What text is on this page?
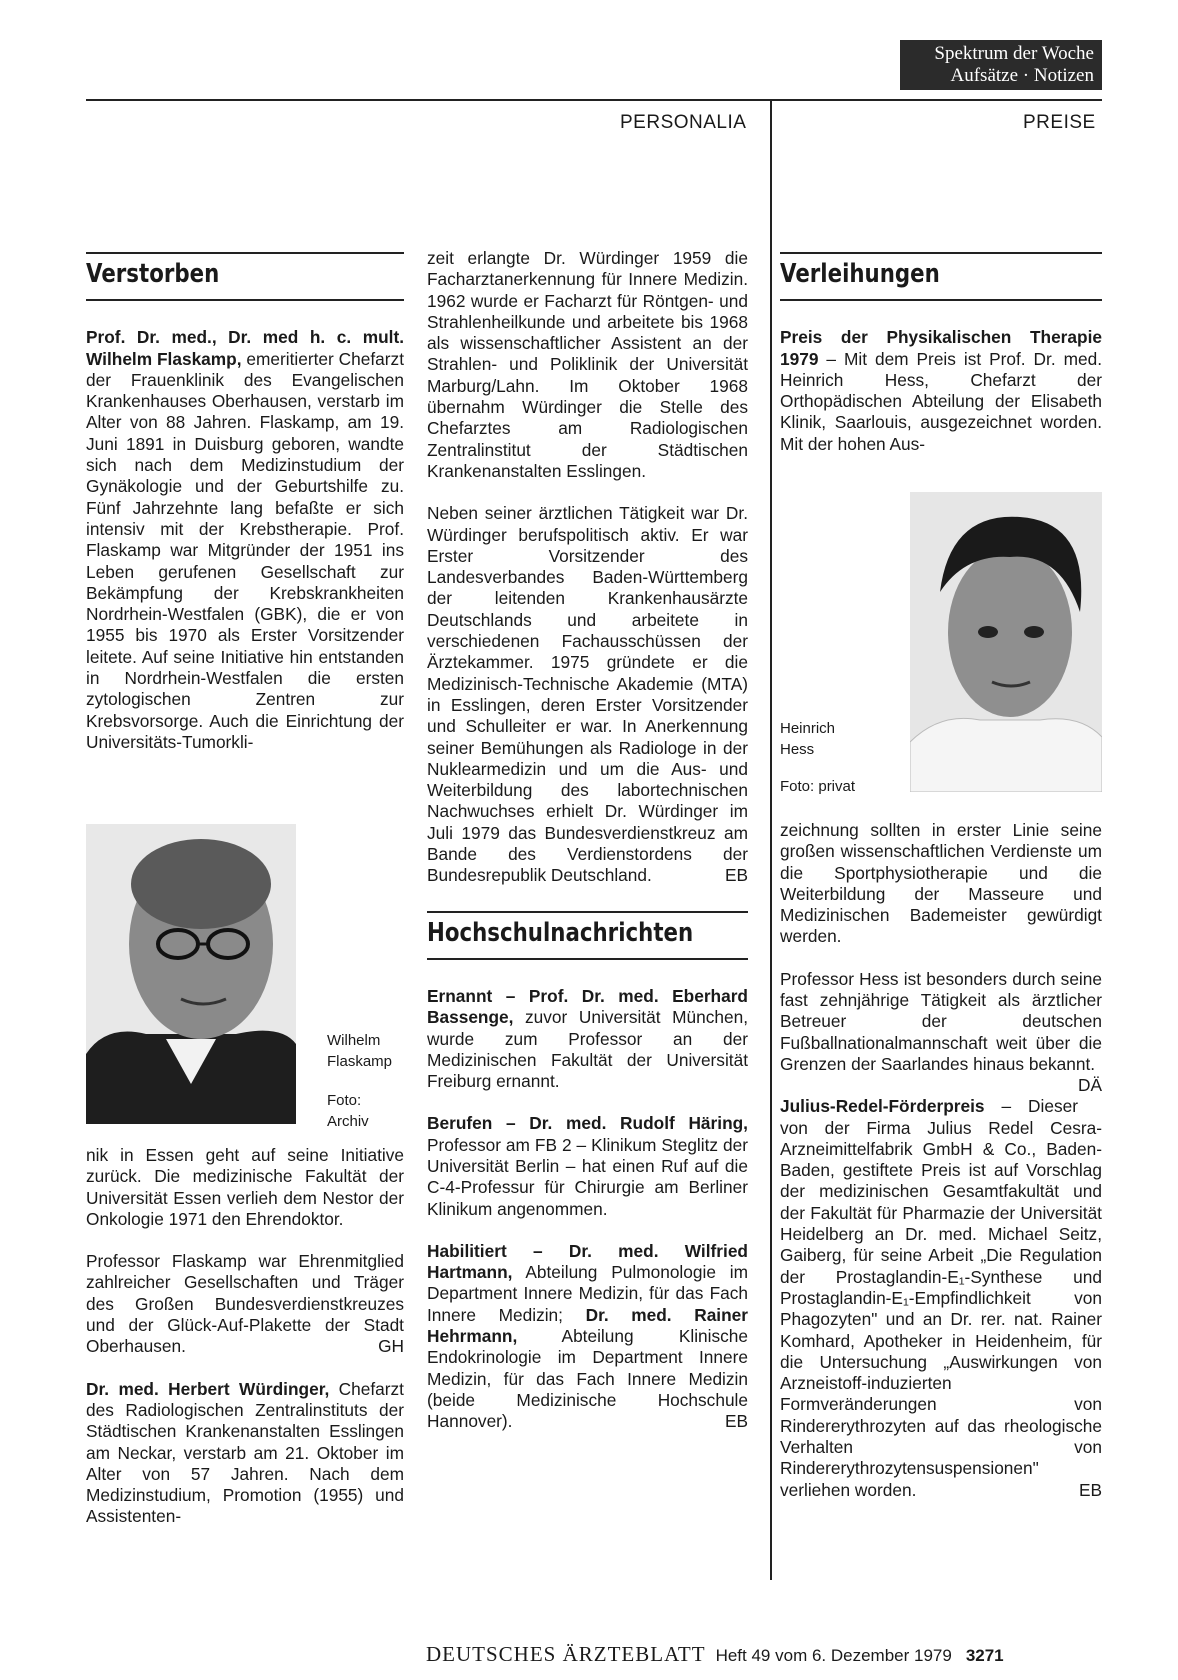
Spektrum der Woche
Aufsätze · Notizen
PERSONALIA	PREISE
Verstorben

Prof. Dr. med., Dr. med h. c. mult. Wilhelm Flaskamp, emeritierter Chefarzt der Frauenklinik des Evangelischen Krankenhauses Oberhausen, verstarb im Alter von 88 Jahren. Flaskamp, am 19. Juni 1891 in Duisburg geboren, wandte sich nach dem Medizinstudium der Gynäkologie und der Geburtshilfe zu. Fünf Jahrzehnte lang befaßte er sich intensiv mit der Krebstherapie. Prof. Flaskamp war Mitgründer der 1951 ins Leben gerufenen Gesellschaft zur Bekämpfung der Krebskrankheiten Nordrhein-Westfalen (GBK), die er von 1955 bis 1970 als Erster Vorsitzender leitete. Auf seine Initiative hin entstanden in Nordrhein-Westfalen die ersten zytologischen Zentren zur Krebsvorsorge. Auch die Einrichtung der Universitäts-Tumorkli-

Wilhelm
Flaskamp
Foto:
Archiv

nik in Essen geht auf seine Initiative zurück. Die medizinische Fakultät der Universität Essen verlieh dem Nestor der Onkologie 1971 den Ehrendoktor.

Professor Flaskamp war Ehrenmitglied zahlreicher Gesellschaften und Träger des Großen Bundesverdienstkreuzes und der Glück-Auf-Plakette der Stadt Oberhausen.	GH

Dr. med. Herbert Würdinger, Chefarzt des Radiologischen Zentralinstituts der Städtischen Krankenanstalten Esslingen am Neckar, verstarb am 21. Oktober im Alter von 57 Jahren. Nach dem Medizinstudium, Promotion (1955) und Assistenten-

zeit erlangte Dr. Würdinger 1959 die Facharztanerkennung für Innere Medizin. 1962 wurde er Facharzt für Röntgen- und Strahlenheilkunde und arbeitete bis 1968 als wissenschaftlicher Assistent an der Strahlen- und Poliklinik der Universität Marburg/Lahn. Im Oktober 1968 übernahm Würdinger die Stelle des Chefarztes am Radiologischen Zentralinstitut der Städtischen Krankenanstalten Esslingen.

Neben seiner ärztlichen Tätigkeit war Dr. Würdinger berufspolitisch aktiv. Er war Erster Vorsitzender des Landesverbandes Baden-Württemberg der leitenden Krankenhausärzte Deutschlands und arbeitete in verschiedenen Fachausschüssen der Ärztekammer. 1975 gründete er die Medizinisch-Technische Akademie (MTA) in Esslingen, deren Erster Vorsitzender und Schulleiter er war. In Anerkennung seiner Bemühungen als Radiologe in der Nuklearmedizin und um die Aus- und Weiterbildung des labortechnischen Nachwuchses erhielt Dr. Würdinger im Juli 1979 das Bundesverdienstkreuz am Bande des Verdienstordens der Bundesrepublik Deutschland.	EB

Hochschulnachrichten

Ernannt – Prof. Dr. med. Eberhard Bassenge, zuvor Universität München, wurde zum Professor an der Medizinischen Fakultät der Universität Freiburg ernannt.

Berufen – Dr. med. Rudolf Häring, Professor am FB 2 – Klinikum Steglitz der Universität Berlin – hat einen Ruf auf die C-4-Professur für Chirurgie am Berliner Klinikum angenommen.

Habilitiert – Dr. med. Wilfried Hartmann, Abteilung Pulmonologie im Department Innere Medizin, für das Fach Innere Medizin; Dr. med. Rainer Hehrmann, Abteilung Klinische Endokrinologie im Department Innere Medizin, für das Fach Innere Medizin (beide Medizinische Hochschule Hannover).	EB

Verleihungen

Preis der Physikalischen Therapie 1979 – Mit dem Preis ist Prof. Dr. med. Heinrich Hess, Chefarzt der Orthopädischen Abteilung der Elisabeth Klinik, Saarlouis, ausgezeichnet worden. Mit der hohen Aus-

Heinrich
Hess
Foto: privat

zeichnung sollten in erster Linie seine großen wissenschaftlichen Verdienste um die Sportphysiotherapie und die Weiterbildung der Masseure und Medizinischen Bademeister gewürdigt werden.

Professor Hess ist besonders durch seine fast zehnjährige Tätigkeit als ärztlicher Betreuer der deutschen Fußballnationalmannschaft weit über die Grenzen der Saarlandes hinaus bekannt.
DÄ

Julius-Redel-Förderpreis – Dieser von der Firma Julius Redel Cesra-Arzneimittelfabrik GmbH & Co., Baden-Baden, gestiftete Preis ist auf Vorschlag der medizinischen Gesamtfakultät und der Fakultät für Pharmazie der Universität Heidelberg an Dr. med. Michael Seitz, Gaiberg, für seine Arbeit „Die Regulation der Prostaglandin-E₁-Synthese und Prostaglandin-E₁-Empfindlichkeit von Phagozyten" und an Dr. rer. nat. Rainer Komhard, Apotheker in Heidenheim, für die Untersuchung „Auswirkungen von Arzneistoff-induzierten Formveränderungen von Rindererythrozyten auf das rheologische Verhalten von Rindererythrozytensuspensionen" verliehen worden.	EB

DEUTSCHES ÄRZTEBLATT Heft 49 vom 6. Dezember 1979 3271
